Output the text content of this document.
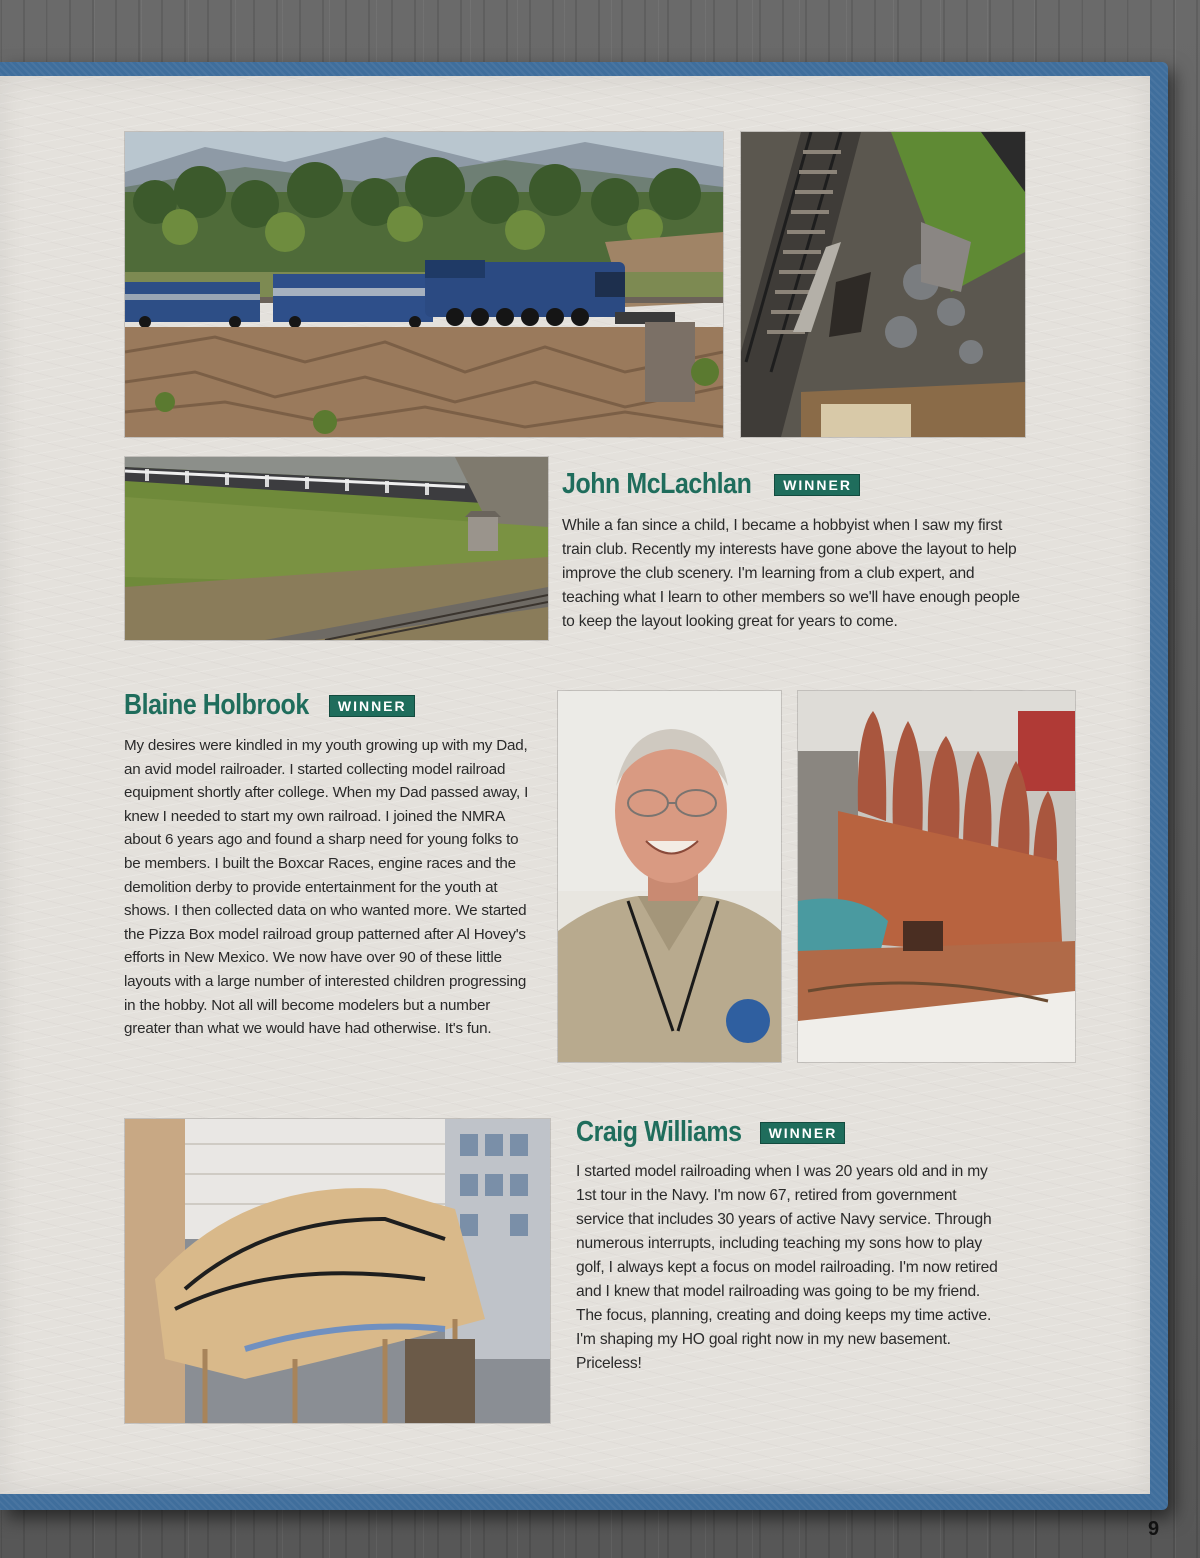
John McLachlan	WINNER
While a fan since a child, I became a hobbyist when I saw my first train club. Recently my interests have gone above the layout to help improve the club scenery. I'm learning from a club expert, and teaching what I learn to other members so we'll have enough people to keep the layout looking great for years to come.
Blaine Holbrook	WINNER
My desires were kindled in my youth growing up with my Dad, an avid model railroader. I started collecting model railroad equipment shortly after college. When my Dad passed away, I knew I needed to start my own railroad. I joined the NMRA about 6 years ago and found a sharp need for young folks to be members. I built the Boxcar Races, engine races and the demolition derby to provide entertainment for the youth at shows. I then collected data on who wanted more. We started the Pizza Box model railroad group patterned after Al Hovey's efforts in New Mexico. We now have over 90 of these little layouts with a large number of interested children progressing in the hobby. Not all will become modelers but a number greater than what we would have had otherwise. It's fun.
Craig Williams	WINNER
I started model railroading when I was 20 years old and in my 1st tour in the Navy. I'm now 67, retired from government service that includes 30 years of active Navy service. Through numerous interrupts, including teaching my sons how to play golf, I always kept a focus on model railroading. I'm now retired and I knew that model railroading was going to be my friend. The focus, planning, creating and doing keeps my time active. I'm shaping my HO goal right now in my new basement. Priceless!
9
